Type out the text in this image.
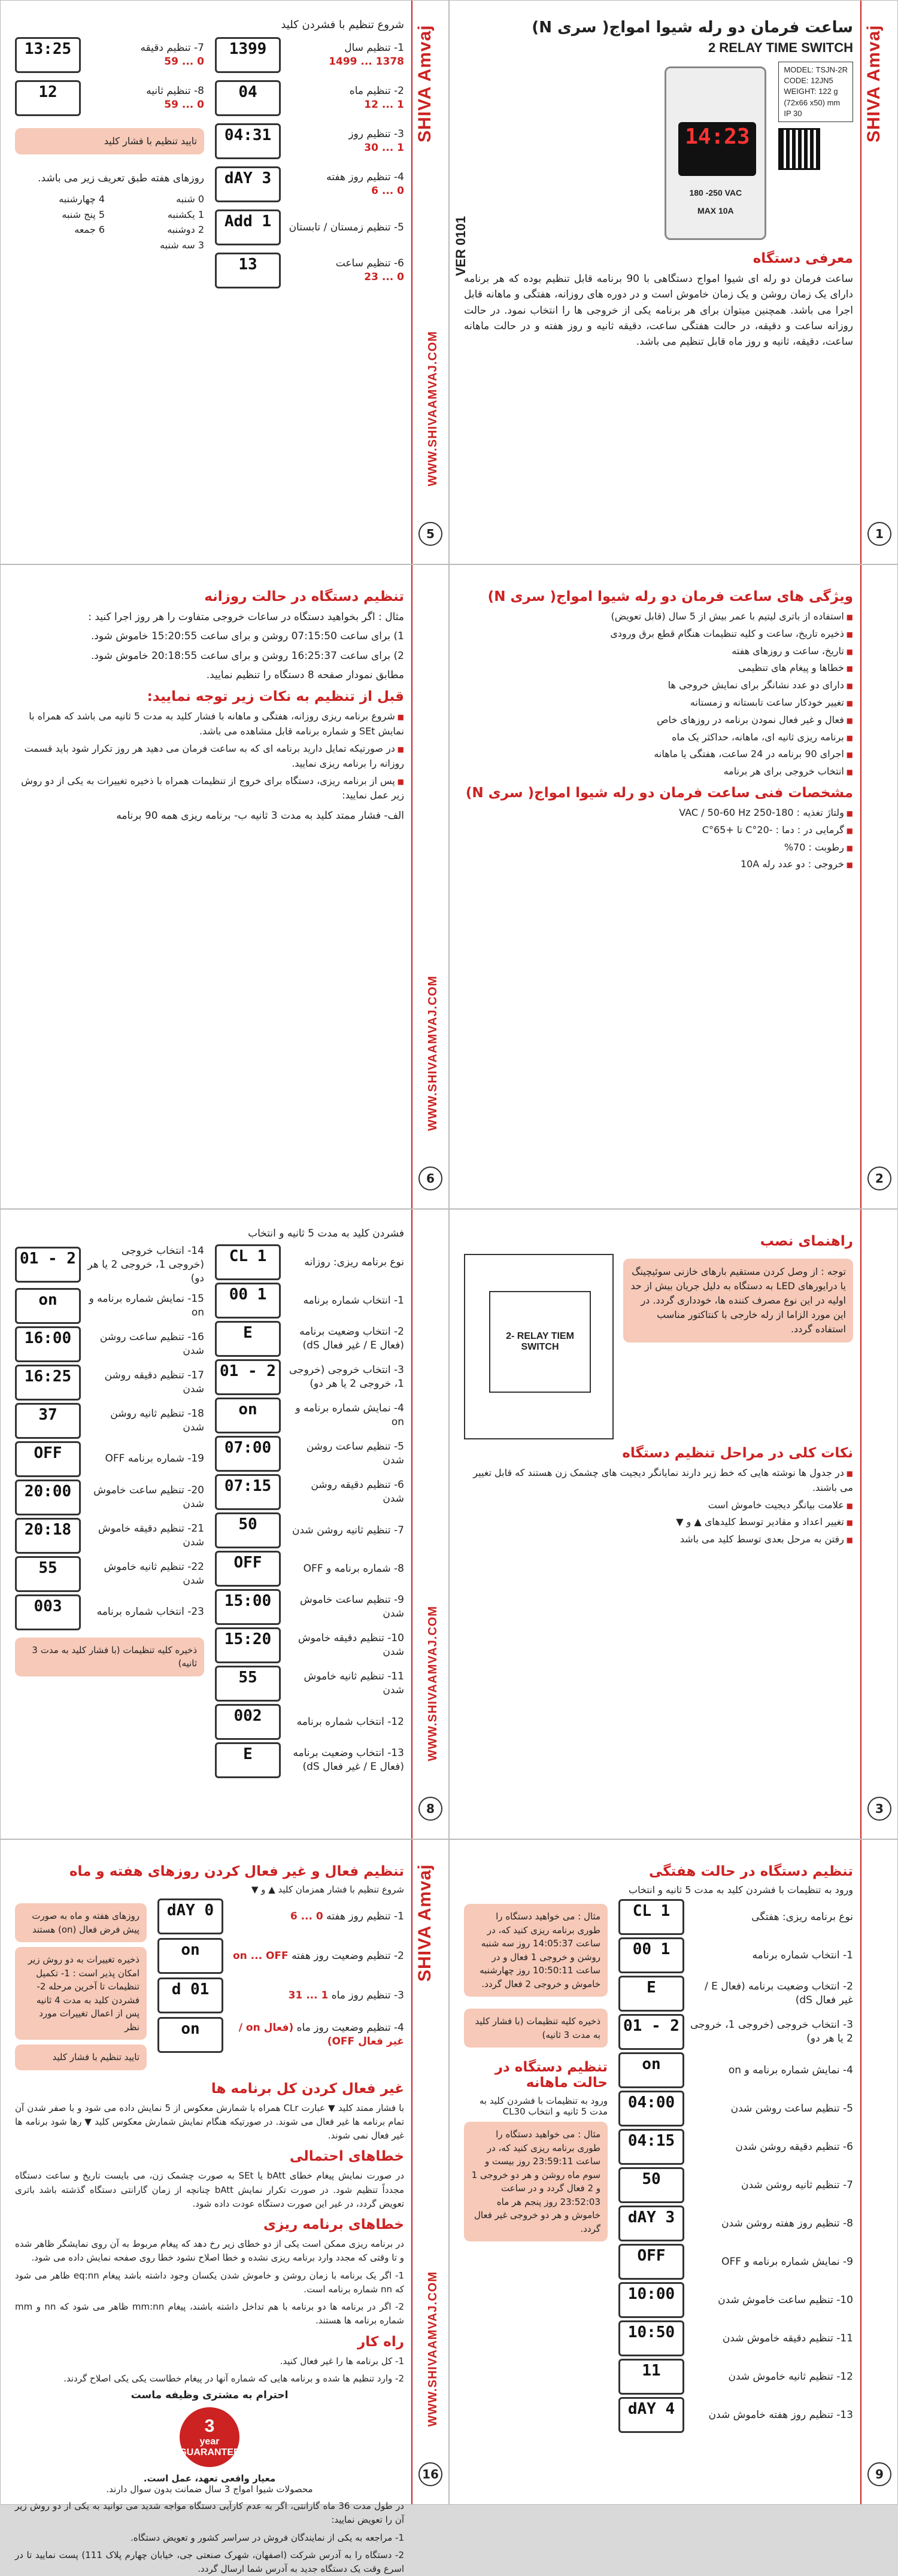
SHIVA Amvaj
1
VER 0101
ساعت فرمان دو رله شیوا امواج( سری N)
2 RELAY TIME SWITCH
14:23
180 -250 VAC
MAX 10A
MODEL: TSJN-2R
CODE: 12JN5
WEIGHT: 122 g
(72x66 x50) mm
IP 30
معرفی دستگاه

ساعت فرمان دو رله ای شیوا امواج دستگاهی با 90 برنامه قابل تنظیم بوده که هر برنامه دارای یک زمان روشن و یک زمان خاموش است و در دوره های روزانه، هفتگی و ماهانه قابل اجرا می باشد. همچنین میتوان برای هر برنامه یکی از خروجی ها را انتخاب نمود. در حالت روزانه ساعت و دقیقه، در حالت هفتگی ساعت، دقیقه ثانیه و روز هفته و در حالت ماهانه ساعت، دقیقه، ثانیه و روز ماه قابل تنظیم می باشد.

SHIVA Amvaj
WWW.SHIVAAMVAJ.COM
5
شروع تنظیم با فشردن کلید
1- تنظیم سال
1378 ... 1499
1399
2- تنظیم ماه
1 ... 12
04
3- تنظیم روز
1 ... 30
04:31
4- تنظیم روز هفته
0 ... 6
dAY 3
5- تنظیم زمستان / تابستان
Add 1
6- تنظیم ساعت
0 ... 23
13
7- تنظیم دقیقه
0 ... 59
13:25
8- تنظیم ثانیه
0 ... 59
12
تایید تنظیم با فشار کلید
روزهای هفته طبق تعریف زیر می باشد.
0 شنبه
1 یکشنبه
2 دوشنبه
3 سه شنبه
4 چهارشنبه
5 پنج شنبه
6 جمعه
2
ویژگی های ساعت فرمان دو رله شیوا امواج( سری N)
■ استفاده از باتری لیتیم با عمر بیش از 5 سال (قابل تعویض)
■ ذخیره تاریخ، ساعت و کلیه تنظیمات هنگام قطع برق ورودی
■ تاریخ، ساعت و روزهای هفته
■ خطاها و پیغام های تنظیمی
■ دارای دو عدد نشانگر برای نمایش خروجی ها
■ تغییر خودکار ساعت تابستانه و زمستانه
■ فعال و غیر فعال نمودن برنامه در روزهای خاص
■ برنامه ریزی ثانیه ای، ماهانه، حداکثر یک ماه
■ اجرای 90 برنامه در 24 ساعت، هفتگی یا ماهانه
■ انتخاب خروجی برای هر برنامه
مشخصات فنی ساعت فرمان دو رله شیوا امواج( سری N)
■ ولتاژ تغذیه : 180-250 VAC / 50-60 Hz
■ گرمایی در : دما : -20°C تا +65°C
■ رطوبت : 70%
■ خروجی : دو عدد رله 10A
WWW.SHIVAAMVAJ.COM
6
تنظیم دستگاه در حالت روزانه

مثال : اگر بخواهید دستگاه در ساعات خروجی متفاوت را هر روز اجرا کنید :

1) برای ساعت 07:15:50 روشن و برای ساعت 15:20:55 خاموش شود.

2) برای ساعت 16:25:37 روشن و برای ساعت 20:18:55 خاموش شود.

مطابق نمودار صفحه 8 دستگاه را تنظیم نمایید.

قبل از تنظیم به نکات زیر توجه نمایید:
■ شروع برنامه ریزی روزانه، هفتگی و ماهانه با فشار کلید به مدت 5 ثانیه می باشد که همراه با نمایش SEt و شماره برنامه قابل مشاهده می باشد.
■ در صورتیکه تمایل دارید برنامه ای که به ساعت فرمان می دهید هر روز تکرار شود باید قسمت روزانه را برنامه ریزی نمایید.
■ پس از برنامه ریزی، دستگاه برای خروج از تنظیمات همراه با ذخیره تغییرات به یکی از دو روش زیر عمل نمایید:

الف- فشار ممتد کلید به مدت 3 ثانیه ب- برنامه ریزی همه 90 برنامه

3
راهنمای نصب
توجه : از وصل کردن مستقیم بارهای خازنی سوئیچینگ یا درایورهای LED به دستگاه به دلیل جریان بیش از حد اولیه در این نوع مصرف کننده ها، خودداری گردد. در این مورد الزاما از رله خارجی با کنتاکتور مناسب استفاده گردد.
2- RELAY TIEM SWITCH
نکات کلی در مراحل تنظیم دستگاه
■ در جدول ها نوشته هایی که خط زیر دارند نمایانگر دیجیت های چشمک زن هستند که قابل تغییر می باشند.
■ علامت بیانگر دیجیت خاموش است
■ تغییر اعداد و مقادیر توسط کلیدهای ▲ و ▼
■ رفتن به مرحل بعدی توسط کلید می باشد
WWW.SHIVAAMVAJ.COM
8
فشردن کلید به مدت 5 ثانیه و انتخاب
نوع برنامه ریزی: روزانه
CL 1
1- انتخاب شماره برنامه
00 1
2- انتخاب وضعیت برنامه (فعال E / غیر فعال dS)
E
3- انتخاب خروجی (خروجی 1، خروجی 2 یا هر دو)
01 - 2
4- نمایش شماره برنامه و on
on
5- تنظیم ساعت روشن شدن
07:00
6- تنظیم دقیقه روشن شدن
07:15
7- تنظیم ثانیه روشن شدن
50
8- شماره برنامه و OFF
OFF
9- تنظیم ساعت خاموش شدن
15:00
10- تنظیم دقیقه خاموش شدن
15:20
11- تنظیم ثانیه خاموش شدن
55
12- انتخاب شماره برنامه
002
13- انتخاب وضعیت برنامه (فعال E / غیر فعال dS)
E
14- انتخاب خروجی (خروجی 1، خروجی 2 یا هر دو)
01 - 2
15- نمایش شماره برنامه و on
on
16- تنظیم ساعت روشن شدن
16:00
17- تنظیم دقیقه روشن شدن
16:25
18- تنظیم ثانیه روشن شدن
37
19- شماره برنامه OFF
OFF
20- تنظیم ساعت خاموش شدن
20:00
21- تنظیم دقیقه خاموش شدن
20:18
22- تنظیم ثانیه خاموش شدن
55
23- انتخاب شماره برنامه
003
ذخیره کلیه تنظیمات (با فشار کلید به مدت 3 ثانیه)
9
تنظیم دستگاه در حالت هفتگی
ورود به تنظیمات با فشردن کلید به مدت 5 ثانیه و انتخاب
نوع برنامه ریزی: هفتگی
CL 1
1- انتخاب شماره برنامه
00 1
2- انتخاب وضعیت برنامه (فعال E / غیر فعال dS)
E
3- انتخاب خروجی (خروجی 1، خروجی 2 یا هر دو)
01 - 2
4- نمایش شماره برنامه و on
on
5- تنظیم ساعت روشن شدن
04:00
6- تنظیم دقیقه روشن شدن
04:15
7- تنظیم ثانیه روشن شدن
50
8- تنظیم روز هفته روشن شدن
dAY 3
9- نمایش شماره برنامه و OFF
OFF
10- تنظیم ساعت خاموش شدن
10:00
11- تنظیم دقیقه خاموش شدن
10:50
12- تنظیم ثانیه خاموش شدن
11
13- تنظیم روز هفته خاموش شدن
dAY 4
مثال : می خواهید دستگاه را طوری برنامه ریزی کنید که، در ساعت 14:05:37 روز سه شنبه روشن و خروجی 1 فعال و در ساعت 10:50:11 روز چهارشنبه خاموش و خروجی 2 فعال گردد.
ذخیره کلیه تنظیمات (با فشار کلید به مدت 3 ثانیه)
تنظیم دستگاه در حالت ماهانه
ورود به تنظیمات با فشردن کلید به مدت 5 ثانیه و انتخاب CL30
مثال : می خواهید دستگاه را طوری برنامه ریزی کنید که، در ساعت 23:59:11 روز بیست و سوم ماه روشن و هر دو خروجی 1 و 2 فعال گردد و در ساعت 23:52:03 روز پنجم هر ماه خاموش و هر دو خروجی غیر فعال گردد.
SHIVA Amvaj
WWW.SHIVAAMVAJ.COM
16
تنظیم فعال و غیر فعال کردن روزهای هفته و ماه
شروع تنظیم با فشار همزمان کلید ▲ و ▼
1- تنظیم روز هفته 0 ... 6
dAY 0
2- تنظیم وضعیت روز هفته on ... OFF
on
3- تنظیم روز ماه 1 ... 31
d 01
4- تنظیم وضعیت روز ماه (فعال on / غیر فعال OFF)
on
روزهای هفته و ماه به صورت پیش فرض فعال (on) هستند
ذخیره تغییرات به دو روش زیر امکان پذیر است : 1- تکمیل تنظیمات تا آخرین مرحله 2- فشردن کلید به مدت 4 ثانیه پس از اعمال تغییرات مورد نظر
تایید تنظیم با فشار کلید
غیر فعال کردن کل برنامه ها

با فشار ممتد کلید ▼ عبارت CLr همراه با شمارش معکوس از 5 نمایش داده می شود و با صفر شدن آن تمام برنامه ها غیر فعال می شوند. در صورتیکه هنگام نمایش شمارش معکوس کلید ▼ رها شود برنامه ها غیر فعال نمی شوند.

خطاهای احتمالی

در صورت نمایش پیغام خطای bAtt یا SEt به صورت چشمک زن، می بایست تاریخ و ساعت دستگاه مجدداً تنظیم شود. در صورت تکرار نمایش bAtt چنانچه از زمان گارانتی دستگاه گذشته باشد باتری تعویض گردد، در غیر این صورت دستگاه عودت داده شود.

خطاهای برنامه ریزی

در برنامه ریزی ممکن است یکی از دو خطای زیر رخ دهد که پیغام مربوط به آن روی نمایشگر ظاهر شده و تا وقتی که مجدد وارد برنامه ریزی نشده و خطا اصلاح نشود خطا روی صفحه نمایش داده می شود.

1- اگر یک برنامه با زمان روشن و خاموش شدن یکسان وجود داشته باشد پیغام eq:nn ظاهر می شود که nn شماره برنامه است.

2- اگر در برنامه ها دو برنامه با هم تداخل داشته باشند، پیغام mm:nn ظاهر می شود که nn و mm شماره برنامه ها هستند.

راه کار

1- کل برنامه ها را غیر فعال کنید.

2- وارد تنظیم ها شده و برنامه هایی که شماره آنها در پیغام خطاست یکی یکی اصلاح گردند.

احترام به مشتری وظیفه ماست
3
year
GUARANTEE
معیار واقعی تعهد، عمل است.
محصولات شیوا امواج 3 سال ضمانت بدون سوال دارند.

در طول مدت 36 ماه گارانتی، اگر به عدم کارآیی دستگاه مواجه شدید می توانید به یکی از دو روش زیر آن را تعویض نمایید:

1- مراجعه به یکی از نمایندگان فروش در سراسر کشور و تعویض دستگاه.

2- دستگاه را به آدرس شرکت (اصفهان، شهرک صنعتی جی، خیابان چهارم پلاک 111) پست نمایید تا در اسرع وقت یک دستگاه جدید به آدرس شما ارسال گردد.
